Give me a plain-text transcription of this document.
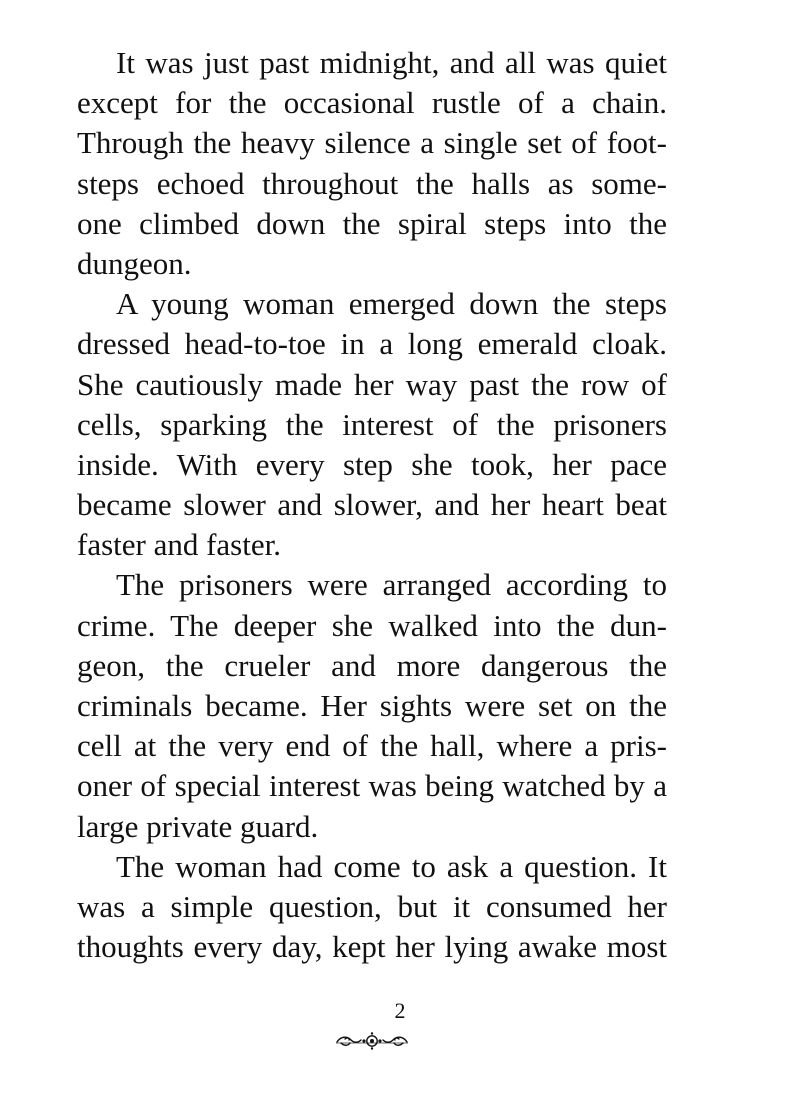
It was just past midnight, and all was quiet
except for the occasional rustle of a chain.
Through the heavy silence a single set of foot-
steps echoed throughout the halls as some-
one climbed down the spiral steps into the
dungeon.
A young woman emerged down the steps
dressed head-to-toe in a long emerald cloak.
She cautiously made her way past the row of
cells, sparking the interest of the prisoners
inside. With every step she took, her pace
became slower and slower, and her heart beat
faster and faster.
The prisoners were arranged according to
crime. The deeper she walked into the dun-
geon, the crueler and more dangerous the
criminals became. Her sights were set on the
cell at the very end of the hall, where a pris-
oner of special interest was being watched by a
large private guard.
The woman had come to ask a question. It
was a simple question, but it consumed her
thoughts every day, kept her lying awake most
2
